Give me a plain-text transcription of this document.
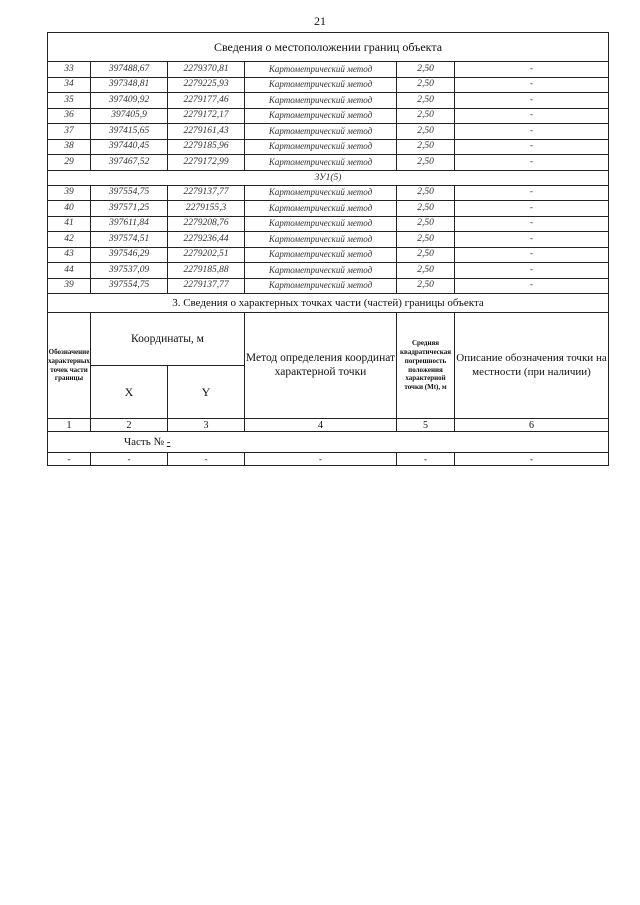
21
Сведения о местоположении границ объекта					
33	397488,67	2279370,81	Картометрический метод	2,50	-
34	397348,81	2279225,93	Картометрический метод	2,50	-
35	397409,92	2279177,46	Картометрический метод	2,50	-
36	397405,9	2279172,17	Картометрический метод	2,50	-
37	397415,65	2279161,43	Картометрический метод	2,50	-
38	397440,45	2279185,96	Картометрический метод	2,50	-
29	397467,52	2279172,99	Картометрический метод	2,50	-
ЗУ1(5)					
39	397554,75	2279137,77	Картометрический метод	2,50	-
40	397571,25	2279155,3	Картометрический метод	2,50	-
41	397611,84	2279208,76	Картометрический метод	2,50	-
42	397574,51	2279236,44	Картометрический метод	2,50	-
43	397546,29	2279202,51	Картометрический метод	2,50	-
44	397537,09	2279185,88	Картометрический метод	2,50	-
39	397554,75	2279137,77	Картометрический метод	2,50	-
3. Сведения о характерных точках части (частей) границы объекта					
Обозначение характерных точек части границы	Координаты, м		Метод определения координат характерной точки	Средняя квадратическая погрешность положения характерной точки (Mt), м	Описание обозначения точки на местности (при наличии)
	X	Y			
1	2	3	4	5	6
Часть № -					
-	-	-	-	-	-
